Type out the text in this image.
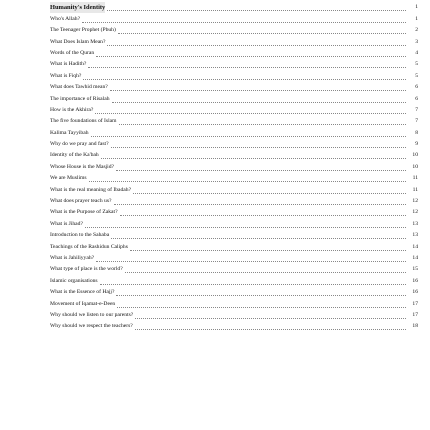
Humanity's Identity	1
Who's Allah?	1
The Teenager Prophet (Pbuh)	2
What Does Islam Mean?	3
Words of the Quran	4
What is Hadith?	5
What is Fiqh?	5
What does Tawhid mean?	6
The importance of Risalah	6
How is the Akhira?	7
The five foundations of Islam	7
Kalima Tayyibah	8
Why do we pray and fast?	9
Identity of the Ka'bah	10
Whose House is the Masjid?	10
We are Muslims	11
What is the real meaning of Ibadah?	11
What does prayer teach us?	12
What is the Purpose of Zakat?	12
What is Jihad?	13
Introduction to the Sahaba	13
Teachings of the Rashidun Caliphs	14
What is Jahiliyyah?	14
What type of place is the world?	15
Islamic organisations	16
What is the Essence of Hajj?	16
Movement of Iqamat-e-Deen	17
Why should we listen to our parents?	17
Why should we respect the teachers?	18
